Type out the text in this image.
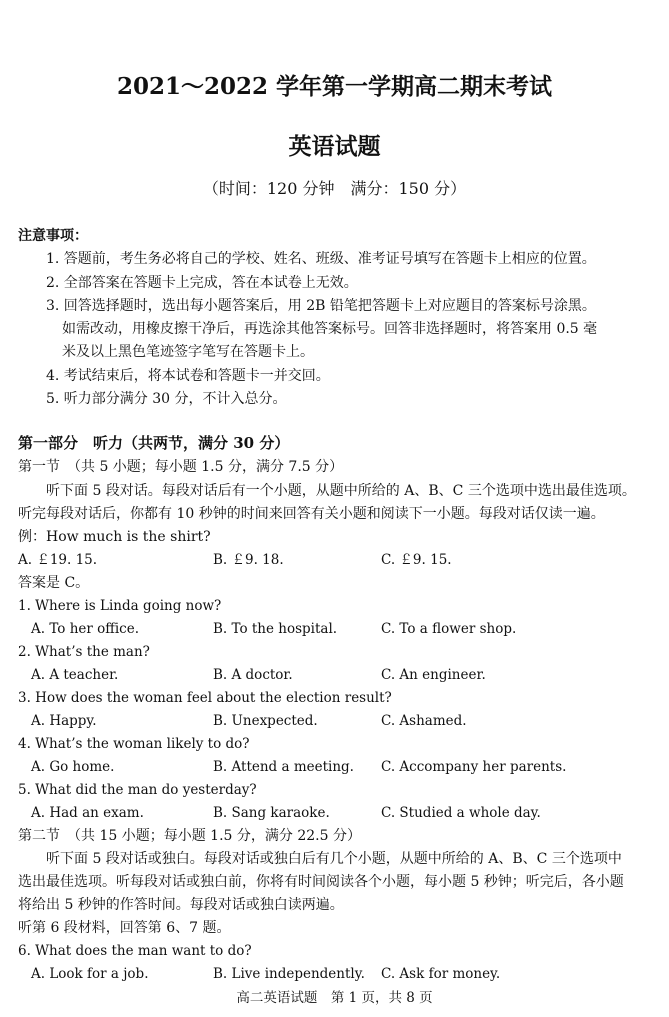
2021～2022 学年第一学期高二期末考试
英语试题
（时间：120 分钟　满分：150 分）
注意事项：
1. 答题前，考生务必将自己的学校、姓名、班级、准考证号填写在答题卡上相应的位置。
2. 全部答案在答题卡上完成，答在本试卷上无效。
3. 回答选择题时，选出每小题答案后，用 2B 铅笔把答题卡上对应题目的答案标号涂黑。
如需改动，用橡皮擦干净后，再选涂其他答案标号。回答非选择题时，将答案用 0.5 毫
米及以上黑色笔迹签字笔写在答题卡上。
4. 考试结束后，将本试卷和答题卡一并交回。
5. 听力部分满分 30 分，不计入总分。
第一部分　听力（共两节，满分 30 分）
第一节　（共 5 小题；每小题 1.5 分，满分 7.5 分）
听下面 5 段对话。每段对话后有一个小题，从题中所给的 A、B、C 三个选项中选出最佳选项。
听完每段对话后，你都有 10 秒钟的时间来回答有关小题和阅读下一小题。每段对话仅读一遍。
例：How much is the shirt?
A. ￡19. 15.	B. ￡9. 18.	C. ￡9. 15.
答案是 C。
1. Where is Linda going now?
A. To her office.	B. To the hospital.	C. To a flower shop.
2. What’s the man?
A. A teacher.	B. A doctor.	C. An engineer.
3. How does the woman feel about the election result?
A. Happy.	B. Unexpected.	C. Ashamed.
4. What’s the woman likely to do?
A. Go home.	B. Attend a meeting. C. Accompany her parents.
5. What did the man do yesterday?
A. Had an exam.	B. Sang karaoke.	C. Studied a whole day.
第二节　（共 15 小题；每小题 1.5 分，满分 22.5 分）
听下面 5 段对话或独白。每段对话或独白后有几个小题，从题中所给的 A、B、C 三个选项中
选出最佳选项。听每段对话或独白前，你将有时间阅读各个小题，每小题 5 秒钟；听完后，各小题
将给出 5 秒钟的作答时间。每段对话或独白读两遍。
听第 6 段材料，回答第 6、7 题。
6. What does the man want to do?
A. Look for a job.	B. Live independently. C. Ask for money.
高二英语试题　第 1 页，共 8 页
